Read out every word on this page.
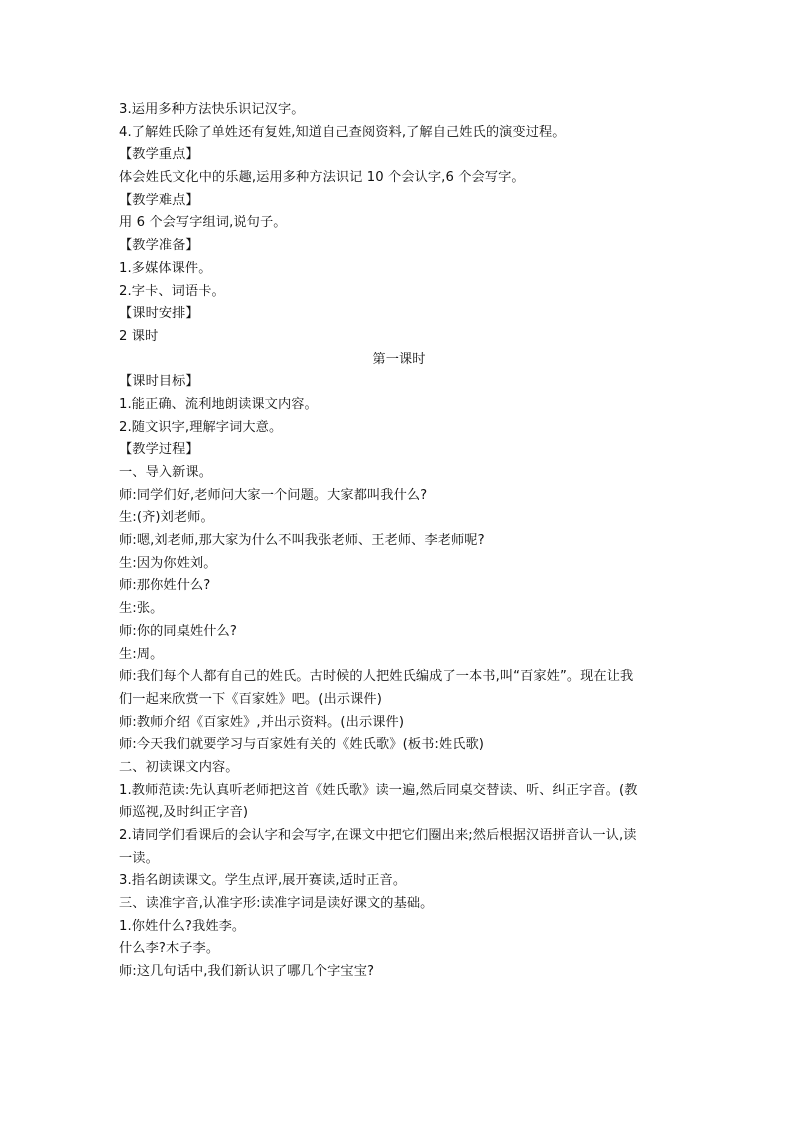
3.运用多种方法快乐识记汉字。
4.了解姓氏除了单姓还有复姓,知道自己查阅资料,了解自己姓氏的演变过程。
【教学重点】
体会姓氏文化中的乐趣,运用多种方法识记 10 个会认字,6 个会写字。
【教学难点】
用 6 个会写字组词,说句子。
【教学准备】
1.多媒体课件。
2.字卡、词语卡。
【课时安排】
2 课时
第一课时
【课时目标】
1.能正确、流利地朗读课文内容。
2.随文识字,理解字词大意。
【教学过程】
一、导入新课。
师:同学们好,老师问大家一个问题。大家都叫我什么?
生:(齐)刘老师。
师:嗯,刘老师,那大家为什么不叫我张老师、王老师、李老师呢?
生:因为你姓刘。
师:那你姓什么?
生:张。
师:你的同桌姓什么?
生:周。
师:我们每个人都有自己的姓氏。古时候的人把姓氏编成了一本书,叫“百家姓”。现在让我
们一起来欣赏一下《百家姓》吧。(出示课件)
师:教师介绍《百家姓》,并出示资料。(出示课件)
师:今天我们就要学习与百家姓有关的《姓氏歌》(板书:姓氏歌)
二、初读课文内容。
1.教师范读:先认真听老师把这首《姓氏歌》读一遍,然后同桌交替读、听、纠正字音。(教
师巡视,及时纠正字音)
2.请同学们看课后的会认字和会写字,在课文中把它们圈出来;然后根据汉语拼音认一认,读
一读。
3.指名朗读课文。学生点评,展开赛读,适时正音。
三、读准字音,认准字形:读准字词是读好课文的基础。
1.你姓什么?我姓李。
什么李?木子李。
师:这几句话中,我们新认识了哪几个字宝宝?
